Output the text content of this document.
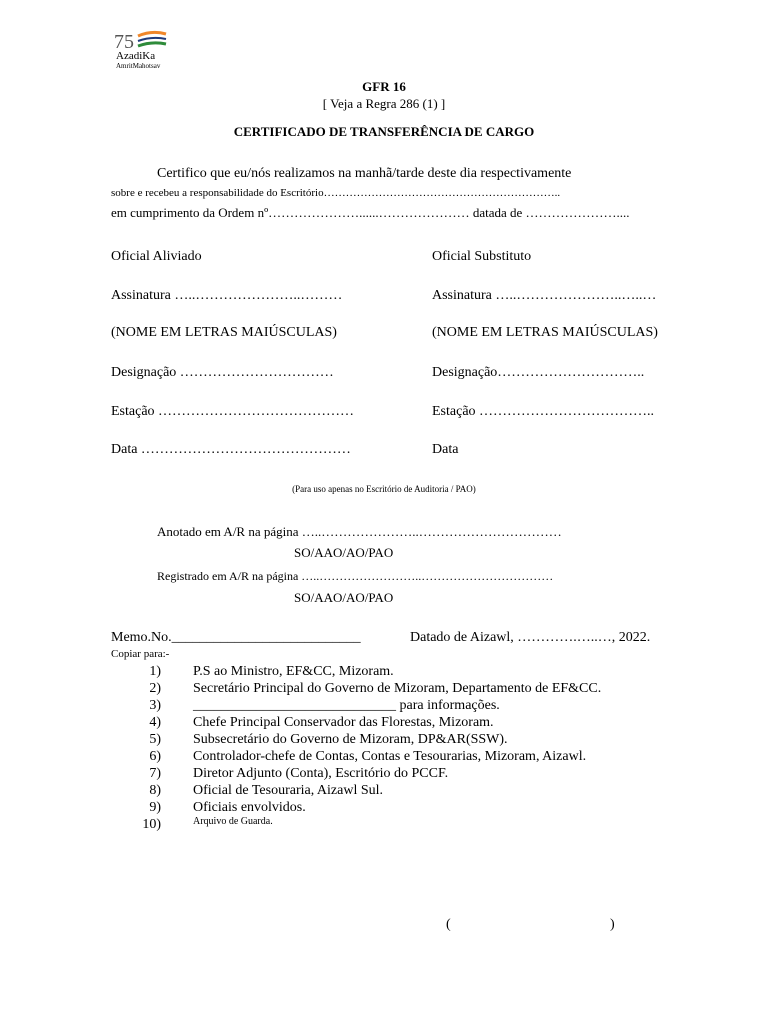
75
AzadiKa
AmritMahotsav
GFR 16
[ Veja a Regra 286 (1) ]
CERTIFICADO DE TRANSFERÊNCIA DE CARGO
Certifico que eu/nós realizamos na manhã/tarde deste dia respectivamente
sobre e recebeu a responsabilidade do Escritório………………………………………………………..
em cumprimento da Ordem nº…………………......………………… datada de …………………....
Oficial Aliviado	Oficial Substituto
Assinatura …..…………………..………	Assinatura …..…………………..…..…
(NOME EM LETRAS MAIÚSCULAS)	(NOME EM LETRAS MAIÚSCULAS)
Designação ……………………………	Designação…………………………..
Estação ……………………………………	Estação ………………………………..
Data ………………………………………	Data
(Para uso apenas no Escritório de Auditoria / PAO)
Anotado em A/R na página …..…………………..……………………………
SO/AAO/AO/PAO
Registrado em A/R na página …..……………………..……………………………
SO/AAO/AO/PAO
Memo.No.___________________________	Datado de Aizawl, ………….…..…, 2022.
Copiar para:-
1) P.S ao Ministro, EF&CC, Mizoram.
2) Secretário Principal do Governo de Mizoram, Departamento de EF&CC.
3) _____________________________ para informações.
4) Chefe Principal Conservador das Florestas, Mizoram.
5) Subsecretário do Governo de Mizoram, DP&AR(SSW).
6) Controlador-chefe de Contas, Contas e Tesourarias, Mizoram, Aizawl.
7) Diretor Adjunto (Conta), Escritório do PCCF.
8) Oficial de Tesouraria, Aizawl Sul.
9) Oficiais envolvidos.
10)	Arquivo de Guarda.
(	)
